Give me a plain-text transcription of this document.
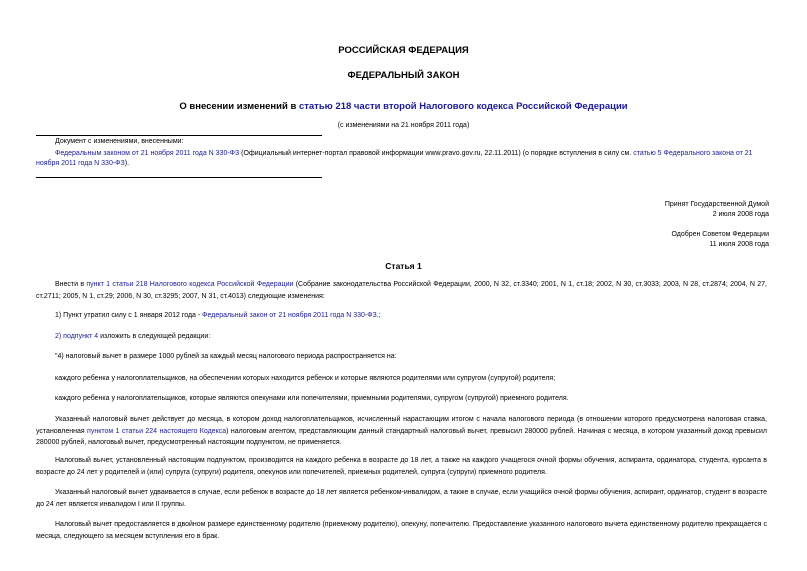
РОССИЙСКАЯ ФЕДЕРАЦИЯ
ФЕДЕРАЛЬНЫЙ ЗАКОН
О внесении изменений в статью 218 части второй Налогового кодекса Российской Федерации
(с изменениями на 21 ноября 2011 года)
Документ с изменениями, внесенными:
Федеральным законом от 21 ноября 2011 года N 330-ФЗ (Официальный интернет-портал правовой информации www.pravo.gov.ru, 22.11.2011) (о порядке вступления в силу см. статью 5 Федерального закона от 21 ноября 2011 года N 330-ФЗ).
Принят Государственной Думой
2 июля 2008 года
Одобрен Советом Федерации
11 июля 2008 года
Статья 1

Внести в пункт 1 статьи 218 Налогового кодекса Российской Федерации (Собрание законодательства Российской Федерации, 2000, N 32, ст.3340; 2001, N 1, ст.18; 2002, N 30, ст.3033; 2003, N 28, ст.2874; 2004, N 27, ст.2711; 2005, N 1, ст.29; 2006, N 30, ст.3295; 2007, N 31, ст.4013) следующие изменения:

1) Пункт утратил силу с 1 января 2012 года - Федеральный закон от 21 ноября 2011 года N 330-ФЗ.;

2) подпункт 4 изложить в следующей редакции:

"4) налоговый вычет в размере 1000 рублей за каждый месяц налогового периода распространяется на:

каждого ребенка у налогоплательщиков, на обеспечении которых находится ребенок и которые являются родителями или супругом (супругой) родителя;

каждого ребенка у налогоплательщиков, которые являются опекунами или попечителями, приемными родителями, супругом (супругой) приемного родителя.

Указанный налоговый вычет действует до месяца, в котором доход налогоплательщиков, исчисленный нарастающим итогом с начала налогового периода (в отношении которого предусмотрена налоговая ставка, установленная пунктом 1 статьи 224 настоящего Кодекса) налоговым агентом, представляющим данный стандартный налоговый вычет, превысил 280000 рублей. Начиная с месяца, в котором указанный доход превысил 280000 рублей, налоговый вычет, предусмотренный настоящим подпунктом, не применяется.

Налоговый вычет, установленный настоящим подпунктом, производится на каждого ребенка в возрасте до 18 лет, а также на каждого учащегося очной формы обучения, аспиранта, ординатора, студента, курсанта в возрасте до 24 лет у родителей и (или) супруга (супруги) родителя, опекунов или попечителей, приемных родителей, супруга (супруги) приемного родителя.

Указанный налоговый вычет удваивается в случае, если ребенок в возрасте до 18 лет является ребенком-инвалидом, а также в случае, если учащийся очной формы обучения, аспирант, ординатор, студент в возрасте до 24 лет является инвалидом I или II группы.

Налоговый вычет предоставляется в двойном размере единственному родителю (приемному родителю), опекуну, попечителю. Предоставление указанного налогового вычета единственному родителю прекращается с месяца, следующего за месяцем вступления его в брак.
